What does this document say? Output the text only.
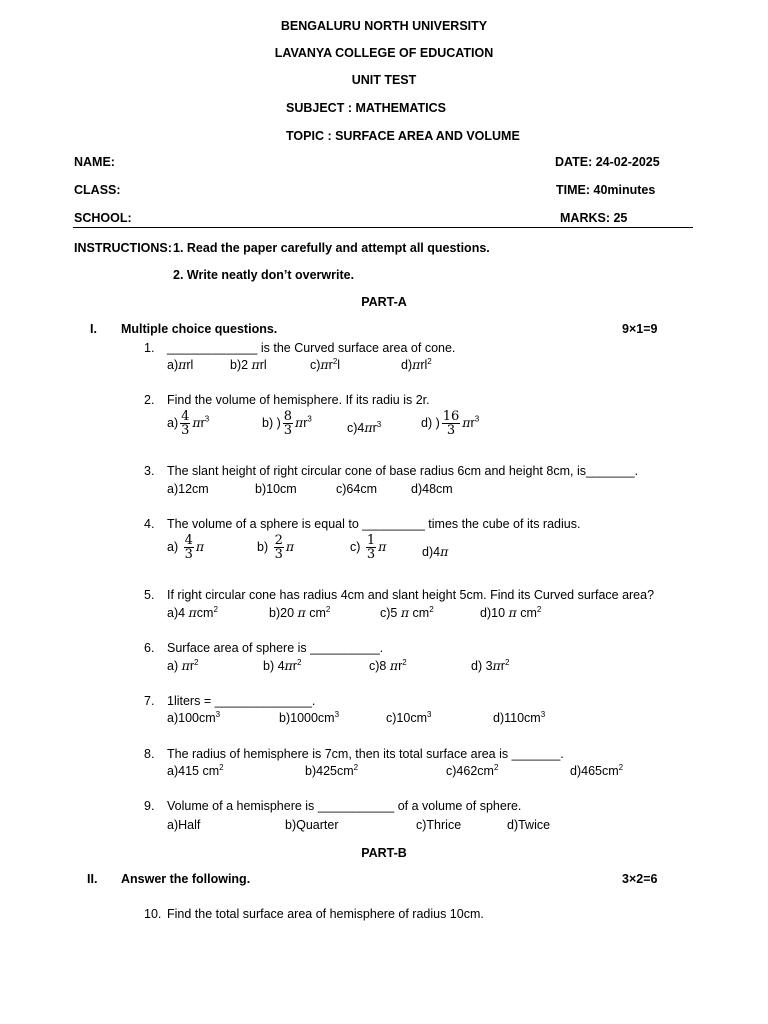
BENGALURU NORTH UNIVERSITY
LAVANYA COLLEGE OF EDUCATION
UNIT TEST
SUBJECT : MATHEMATICS
TOPIC : SURFACE AREA AND VOLUME
NAME:
CLASS:
SCHOOL:
DATE: 24-02-2025
TIME: 40minutes
MARKS: 25
INSTRUCTIONS: 1. Read the paper carefully and attempt all questions.
2. Write neatly don’t overwrite.
PART-A
I. Multiple choice questions.	9×1=9
1. _____________ is the Curved surface area of cone.
a)πrl	b)2 πrl	$c)\pi r^2l$	d)πrl$^2$
2. Find the volume of hemisphere. If its radiu is 2r.
$a) \frac{4}{3} \pi r^3$	b) ) $\frac{8}{3} \pi r^3$
$c)4\pi r^3$	d) ) $\frac{16}{3} \pi r^3$
3. The slant height of right circular cone of base radius 6cm and height 8cm, is_______.
a)12cm	b)10cm	c)64cm	d)48cm
4. The volume of a sphere is equal to _________ times the cube of its radius.
$a) \frac{4}{3}$ π	$b) \frac{2}{3}$ π	$c) \frac{1}{3}$ π	d)4π
5. If right circular cone has radius 4cm and slant height 5cm. Find its Curved surface area?
a)4 πcm$^2$	b)20 π $cm^2$	c)5 π $cm^2$	d)10 π $cm^2$
6. Surface area of sphere is __________.
a) $\pi r^2$	b) $4\pi r^2$	c)8 $\pi r^2$	d) $3\pi r^2$
7. 1liters = ______________.
$a)100cm^3$	$b)1000cm^3$	$c)10cm^3$	$d)110cm^3$
8. The radius of hemisphere is 7cm, then its total surface area is _______.
a)415 $cm^2$	$b)425cm^2$	$c)462cm^2$	$d)465cm^2$
9. Volume of a hemisphere is ___________ of a volume of sphere.
a)Half	b)Quarter	c)Thrice	d)Twice
PART-B
II. Answer the following.	3×2=6
10. Find the total surface area of hemisphere of radius 10cm.
